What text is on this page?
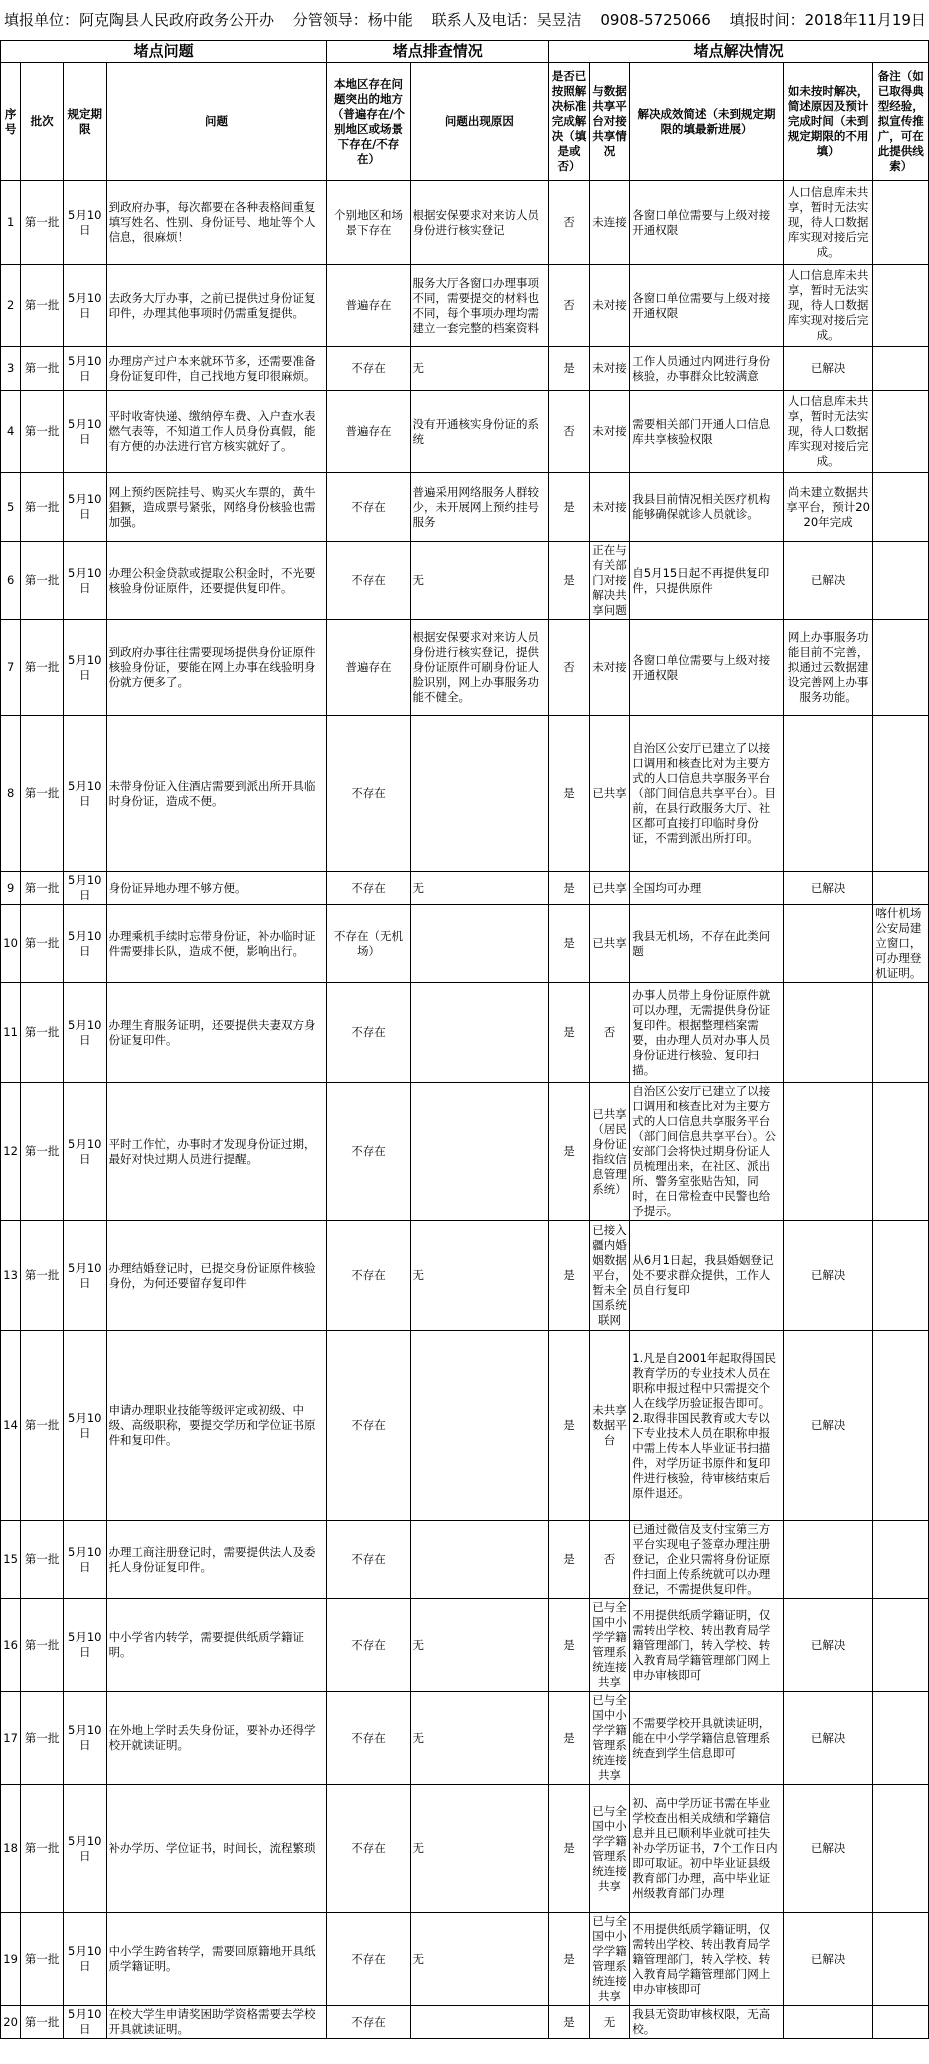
填报单位：阿克陶县人民政府政务公开办 分管领导：杨中能 联系人及电话：吴昱洁 0908-5725066 填报时间：2018年11月19日
堵点问题				堵点排查情况		堵点解决情况				
序号	批次	规定期限	问题	本地区存在问题突出的地方（普遍存在/个别地区或场景下存在/不存在）	问题出现原因	是否已按照解决标准完成解决（填是或否）	与数据共享平台对接共享情况	解决成效简述（未到规定期限的填最新进展）	如未按时解决，简述原因及预计完成时间（未到规定期限的不用填）	备注（如已取得典型经验，拟宣传推广，可在此提供线索）
1	第一批	5月10日	到政府办事，每次都要在各种表格间重复填写姓名、性别、身份证号、地址等个人信息，很麻烦！	个别地区和场景下存在	根据安保要求对来访人员身份进行核实登记	否	未连接	各窗口单位需要与上级对接开通权限	人口信息库未共享，暂时无法实现，待人口数据库实现对接后完成。	
2	第一批	5月10日	去政务大厅办事，之前已提供过身份证复印件，办理其他事项时仍需重复提供。	普遍存在	服务大厅各窗口办理事项不同，需要提交的材料也不同，每个事项办理均需建立一套完整的档案资料	否	未对接	各窗口单位需要与上级对接开通权限	人口信息库未共享，暂时无法实现，待人口数据库实现对接后完成。	
3	第一批	5月10日	办理房产过户本来就环节多，还需要准备身份证复印件，自己找地方复印很麻烦。	不存在	无	是	未对接	工作人员通过内网进行身份核验，办事群众比较满意	已解决	
4	第一批	5月10日	平时收寄快递、缴纳停车费、入户查水表燃气表等，不知道工作人员身份真假，能有方便的办法进行官方核实就好了。	普遍存在	没有开通核实身份证的系统	否	未对接	需要相关部门开通人口信息库共享核验权限	人口信息库未共享，暂时无法实现，待人口数据库实现对接后完成。	
5	第一批	5月10日	网上预约医院挂号、购买火车票的，黄牛猖獗，造成票号紧张，网络身份核验也需加强。	不存在	普遍采用网络服务人群较少，未开展网上预约挂号服务	是	未对接	我县目前情况相关医疗机构能够确保就诊人员就诊。	尚未建立数据共享平台，预计2020年完成	
6	第一批	5月10日	办理公积金贷款或提取公积金时，不光要核验身份证原件，还要提供复印件。	不存在	无	是	正在与有关部门对接解决共享问题	自5月15日起不再提供复印件，只提供原件	已解决	
7	第一批	5月10日	到政府办事往往需要现场提供身份证原件核验身份证，要能在网上办事在线验明身份就方便多了。	普遍存在	根据安保要求对来访人员身份进行核实登记，提供身份证原件可刷身份证人脸识别，网上办事服务功能不健全。	否	未对接	各窗口单位需要与上级对接开通权限	网上办事服务功能目前不完善，拟通过云数据建设完善网上办事服务功能。	
8	第一批	5月10日	未带身份证入住酒店需要到派出所开具临时身份证，造成不便。	不存在		是	已共享	自治区公安厅已建立了以接口调用和核查比对为主要方式的人口信息共享服务平台（部门间信息共享平台）。目前，在县行政服务大厅、社区都可直接打印临时身份证，不需到派出所打印。		
9	第一批	5月10日	身份证异地办理不够方便。	不存在	无	是	已共享	全国均可办理	已解决	
10	第一批	5月10日	办理乘机手续时忘带身份证，补办临时证件需要排长队，造成不便，影响出行。	不存在（无机场）		是	已共享	我县无机场，不存在此类问题		喀什机场公安局建立窗口，可办理登机证明。
11	第一批	5月10日	办理生育服务证明，还要提供夫妻双方身份证复印件。	不存在		是	否	办事人员带上身份证原件就可以办理，无需提供身份证复印件。根据整理档案需要，由办理人员对办事人员身份证进行核验、复印扫描。		
12	第一批	5月10日	平时工作忙，办事时才发现身份证过期，最好对快过期人员进行提醒。	不存在		是	已共享（居民身份证指纹信息管理系统）	自治区公安厅已建立了以接口调用和核查比对为主要方式的人口信息共享服务平台（部门间信息共享平台）。公安部门会将快过期身份证人员梳理出来，在社区、派出所、警务室张贴告知，同时，在日常检查中民警也给予提示。		
13	第一批	5月10日	办理结婚登记时，已提交身份证原件核验身份，为何还要留存复印件	不存在	无	是	已接入疆内婚姻数据平台，暂未全国系统联网	从6月1日起，我县婚姻登记处不要求群众提供，工作人员自行复印	已解决	
14	第一批	5月10日	申请办理职业技能等级评定或初级、中级、高级职称，要提交学历和学位证书原件和复印件。	不存在		是	未共享数据平台	1.凡是自2001年起取得国民教育学历的专业技术人员在职称申报过程中只需提交个人在线学历验证报告即可。2.取得非国民教育或大专以下专业技术人员在职称申报中需上传本人毕业证书扫描件，对学历证书原件和复印件进行核验，待审核结束后原件退还。	已解决	
15	第一批	5月10日	办理工商注册登记时，需要提供法人及委托人身份证复印件。	不存在		是	否	已通过微信及支付宝第三方平台实现电子签章办理注册登记，企业只需将身份证原件扫面上传系统就可以办理登记，不需提供复印件。		
16	第一批	5月10日	中小学省内转学，需要提供纸质学籍证明。	不存在	无	是	已与全国中小学学籍管理系统连接共享	不用提供纸质学籍证明，仅需转出学校、转出教育局学籍管理部门，转入学校、转入教育局学籍管理部门网上申办审核即可	已解决	
17	第一批	5月10日	在外地上学时丢失身份证，要补办还得学校开就读证明。	不存在	无	是	已与全国中小学学籍管理系统连接共享	不需要学校开具就读证明，能在中小学学籍信息管理系统查到学生信息即可	已解决	
18	第一批	5月10日	补办学历、学位证书，时间长，流程繁琐	不存在	无	是	已与全国中小学学籍管理系统连接共享	初、高中学历证书需在毕业学校查出相关成绩和学籍信息并且已顺利毕业就可挂失补办学历证书，7个工作日内即可取证。初中毕业证县级教育部门办理，高中毕业证州级教育部门办理	已解决	
19	第一批	5月10日	中小学生跨省转学，需要回原籍地开具纸质学籍证明。	不存在	无	是	已与全国中小学学籍管理系统连接共享	不用提供纸质学籍证明，仅需转出学校、转出教育局学籍管理部门，转入学校、转入教育局学籍管理部门网上申办审核即可	已解决	
20	第一批	5月10日	在校大学生申请奖困助学资格需要去学校开具就读证明。	不存在		是	无	我县无资助审核权限，无高校。		
